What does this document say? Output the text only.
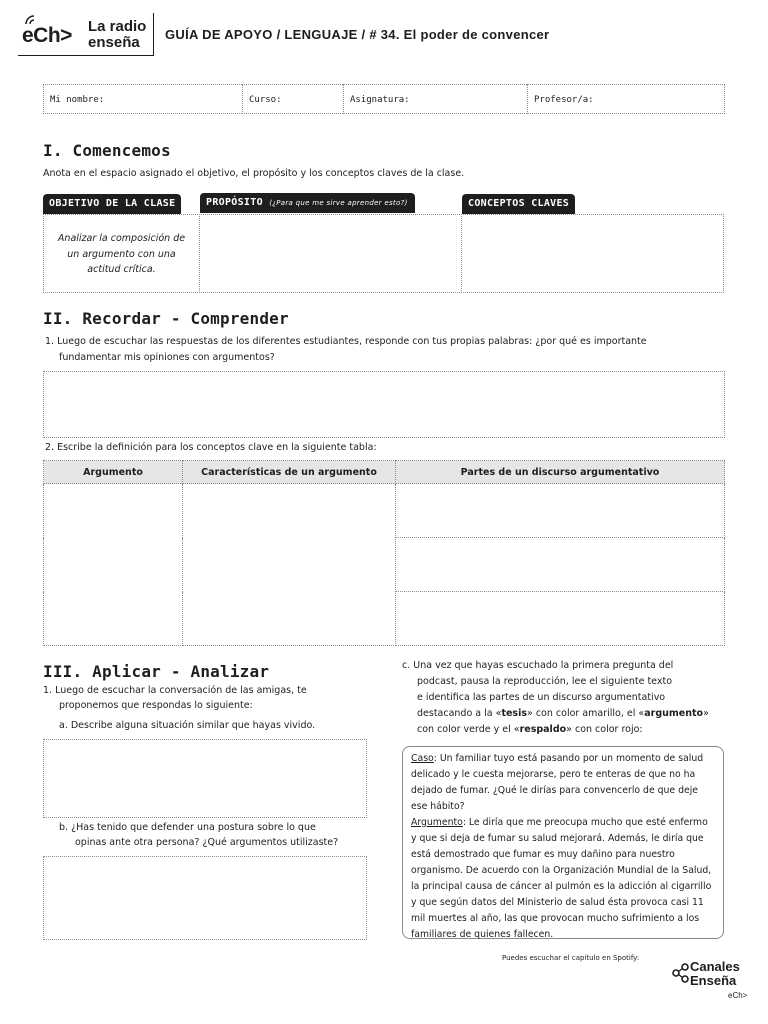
eCh> La radio
enseña	GUÍA DE APOYO / LENGUAJE / # 34. El poder de convencer
Mi nombre:	Curso:	Asignatura:	Profesor/a:
I. Comencemos
Anota en el espacio asignado el objetivo, el propósito y los conceptos claves de la clase.
OBJETIVO DE LA CLASE	PROPÓSITO (¿Para que me sirve aprender esto?)	CONCEPTOS CLAVES
Analizar la composición de un argumento con una actitud crítica.
II. Recordar - Comprender
1. Luego de escuchar las respuestas de los diferentes estudiantes, responde con tus propias palabras: ¿por qué es importante
fundamentar mis opiniones con argumentos?
2. Escribe la definición para los conceptos clave en la siguiente tabla:
Argumento	Características de un argumento	Partes de un discurso argumentativo

III. Aplicar - Analizar
1. Luego de escuchar la conversación de las amigas, te
proponemos que respondas lo siguiente:
a. Describe alguna situación similar que hayas vivido.
b. ¿Has tenido que defender una postura sobre lo que
opinas ante otra persona? ¿Qué argumentos utilizaste?
c. Una vez que hayas escuchado la primera pregunta del
podcast, pausa la reproducción, lee el siguiente texto
e identifica las partes de un discurso argumentativo
destacando a la «tesis» con color amarillo, el «argumento»
con color verde y el «respaldo» con color rojo:
Caso: Un familiar tuyo está pasando por un momento de salud delicado y le cuesta mejorarse, pero te enteras de que no ha dejado de fumar. ¿Qué le dirías para convencerlo de que deje ese hábito?
Argumento: Le diría que me preocupa mucho que esté enfermo y que si deja de fumar su salud mejorará. Además, le diría que está demostrado que fumar es muy dañino para nuestro organismo. De acuerdo con la Organización Mundial de la Salud, la principal causa de cáncer al pulmón es la adicción al cigarrillo y que según datos del Ministerio de salud ésta provoca casi 11 mil muertes al año, las que provocan mucho sufrimiento a los familiares de quienes fallecen.
Puedes escuchar el capítulo en Spotify:
Canales
Enseña
eCh>
